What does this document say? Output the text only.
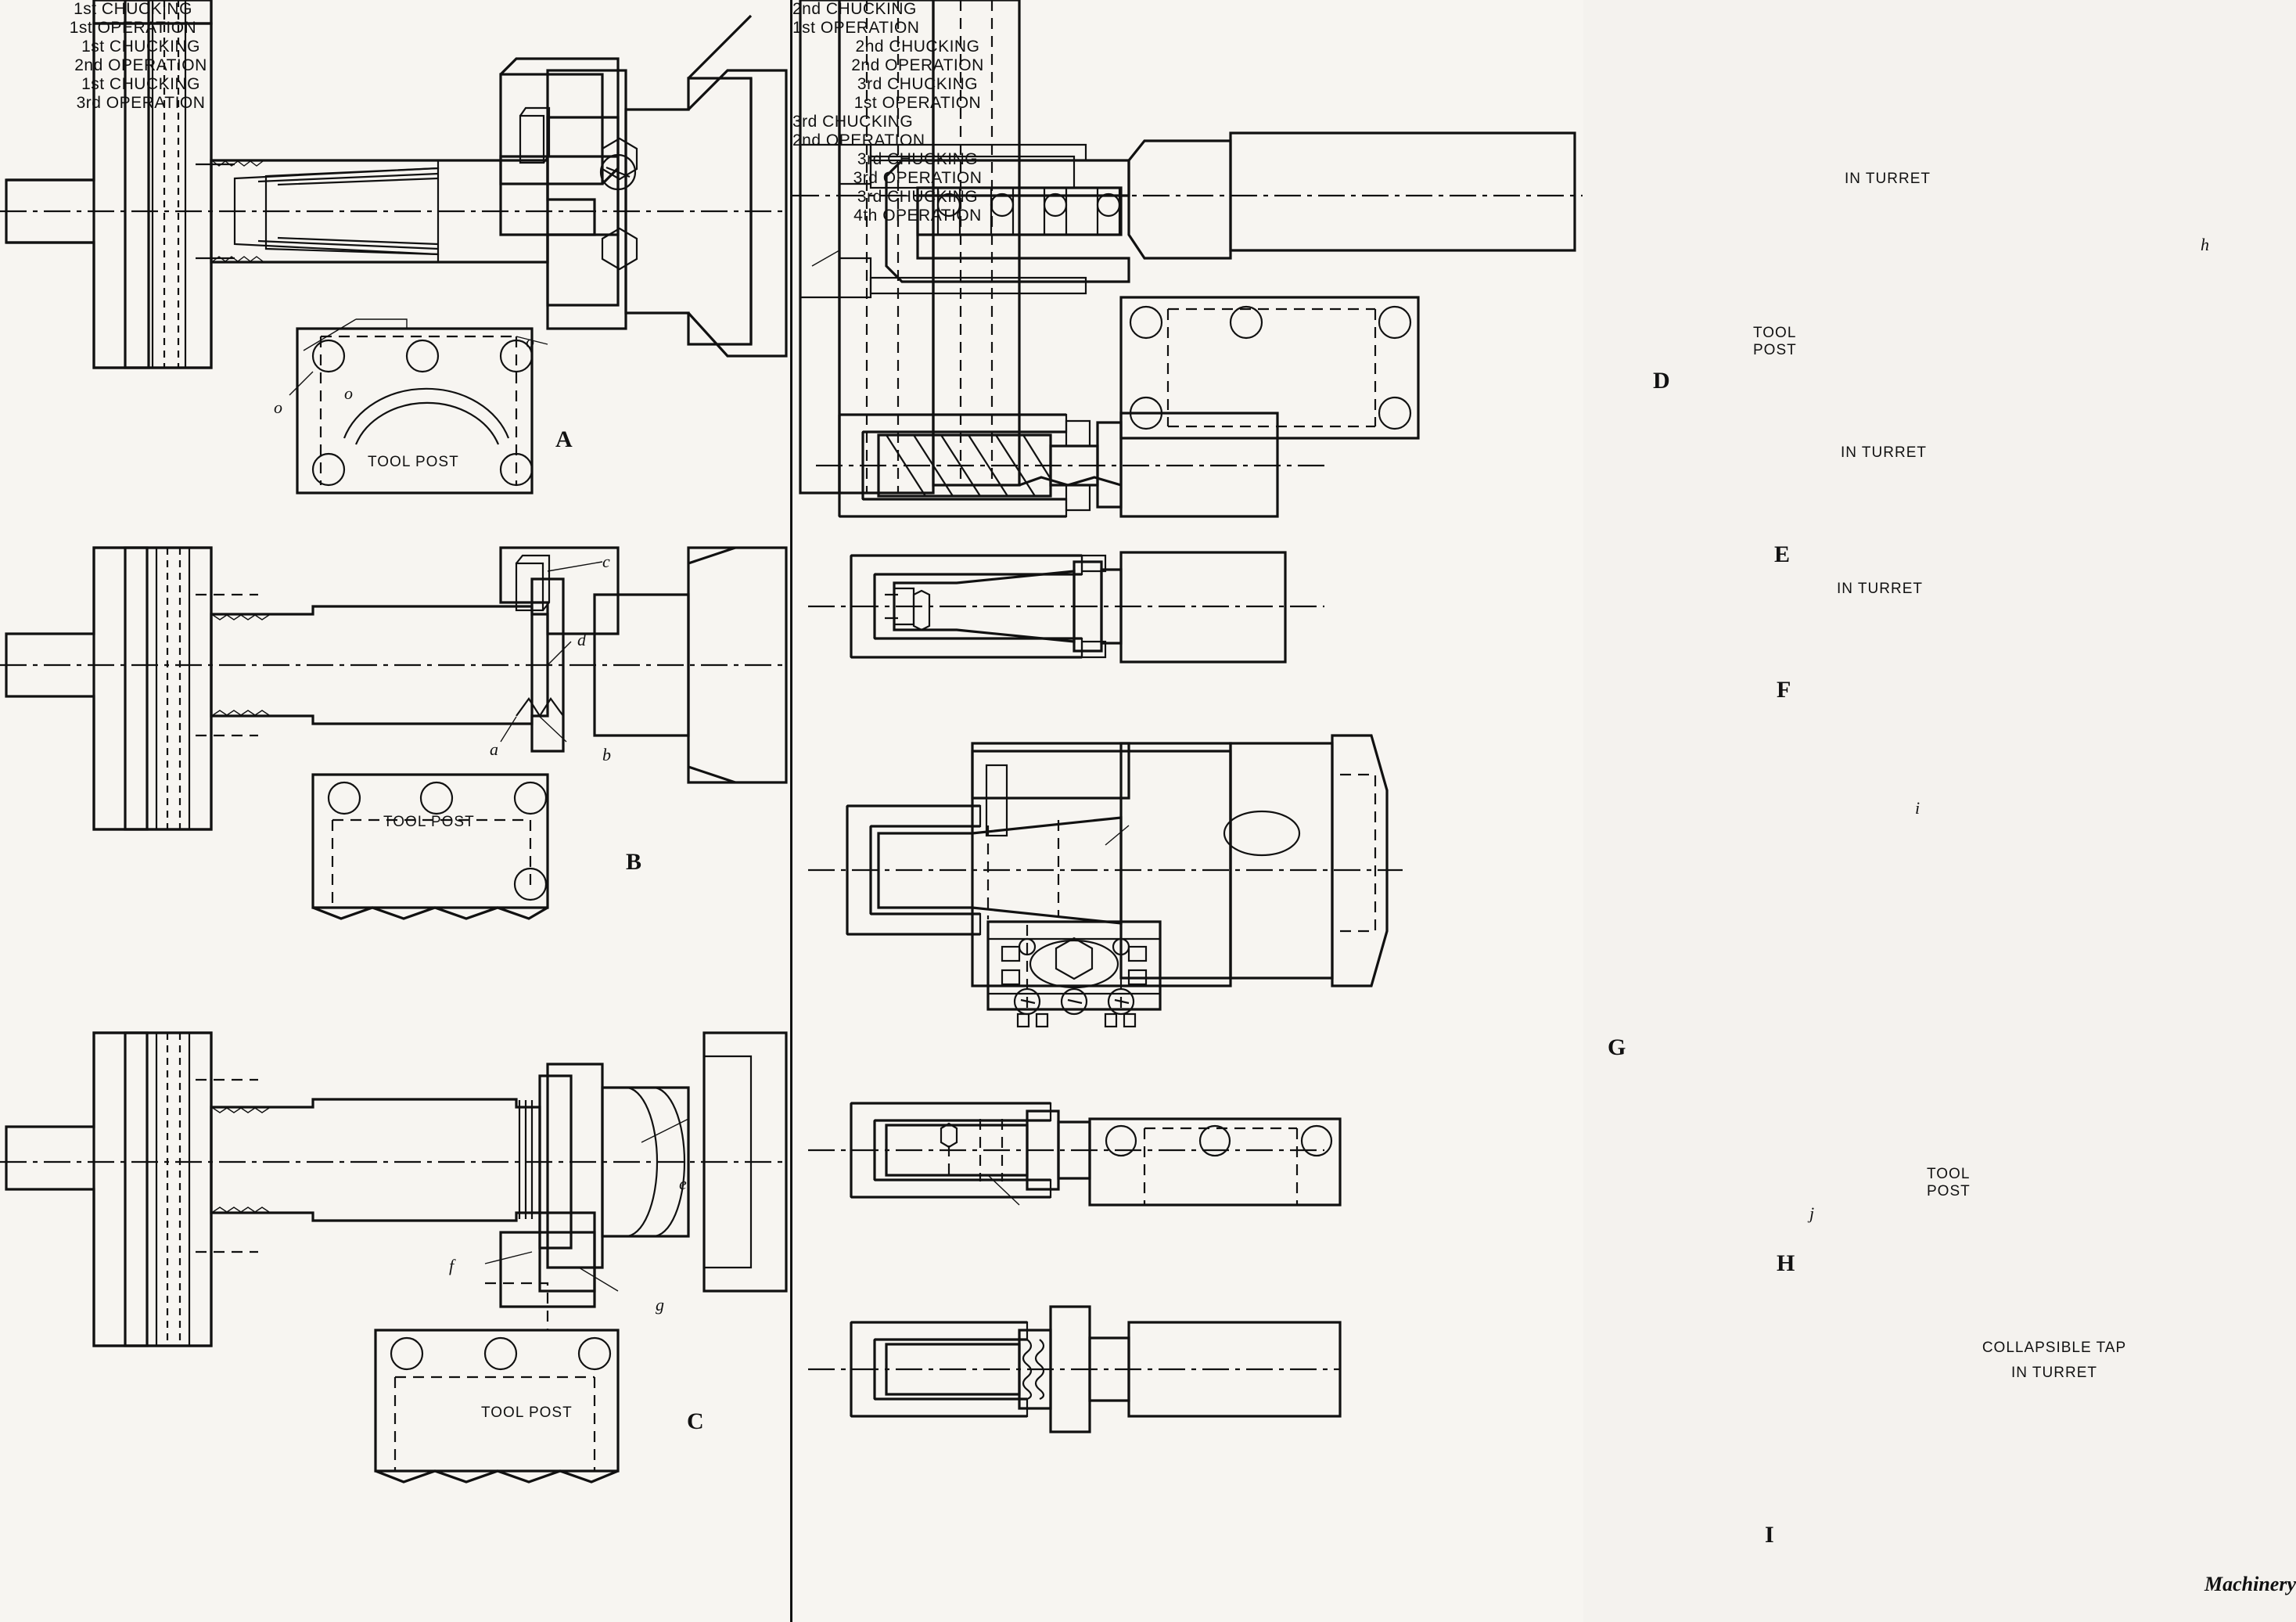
TOOL POST
A
1st CHUCKING
1st OPERATION
o
o
o
c
d
a	b
TOOL POST
B
1st CHUCKING
2nd OPERATION
e
f
g
TOOL POST	C
1st CHUCKING
3rd OPERATION
h
IN TURRET
2nd CHUCKING
1st OPERATION
TOOL POST
D
IN TURRET
2nd CHUCKING
2nd OPERATION
E
IN TURRET
3rd CHUCKING
1st OPERATION
F
i
3rd CHUCKING
2nd OPERATION
G
j
TOOL POST
3rd CHUCKING
3rd OPERATION
H
COLLAPSIBLE TAP
IN TURRET
3rd CHUCKING
4th OPERATION
I
Machinery
